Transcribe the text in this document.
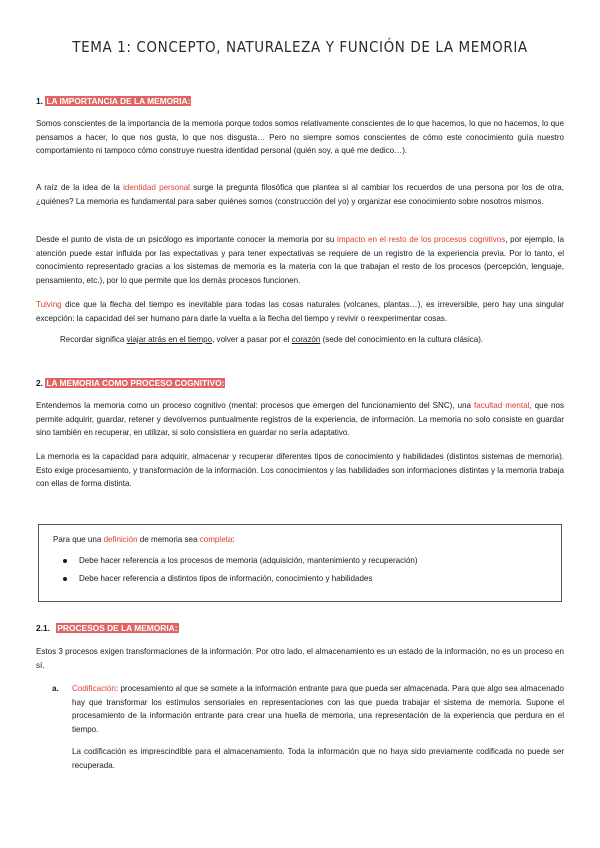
TEMA 1: CONCEPTO, NATURALEZA Y FUNCIÓN DE LA MEMORIA
1. LA IMPORTANCIA DE LA MEMORIA:
Somos conscientes de la importancia de la memoria porque todos somos relativamente conscientes de lo que hacemos, lo que no hacemos, lo que pensamos a hacer, lo que nos gusta, lo que nos disgusta… Pero no siempre somos conscientes de cómo este conocimiento guía nuestro comportamiento ni tampoco cómo construye nuestra identidad personal (quién soy, a qué me dedico…).
A raíz de la idea de la identidad personal surge la pregunta filosófica que plantea si al cambiar los recuerdos de una persona por los de otra, ¿quiénes? La memoria es fundamental para saber quiénes somos (construcción del yo) y organizar ese conocimiento sobre nosotros mismos.
Desde el punto de vista de un psicólogo es importante conocer la memoria por su impacto en el resto de los procesos cognitivos, por ejemplo, la atención puede estar influida por las expectativas y para tener expectativas se requiere de un registro de la experiencia previa. Por lo tanto, el conocimiento representado gracias a los sistemas de memoria es la materia con la que trabajan el resto de los procesos (percepción, lenguaje, pensamiento, etc.), por lo que permite que los demás procesos funcionen.
Tulving dice que la flecha del tiempo es inevitable para todas las cosas naturales (volcanes, plantas…), es irreversible, pero hay una singular excepción: la capacidad del ser humano para darle la vuelta a la flecha del tiempo y revivir o reexperimentar cosas.
Recordar significa viajar atrás en el tiempo, volver a pasar por el corazón (sede del conocimiento en la cultura clásica).
2. LA MEMORIA COMO PROCESO COGNITIVO:
Entendemos la memoria como un proceso cognitivo (mental: procesos que emergen del funcionamiento del SNC), una facultad mental, que nos permite adquirir, guardar, retener y devolvernos puntualmente registros de la experiencia, de información. La memoria no solo consiste en guardar sino también en recuperar, en utilizar, si solo consistiera en guardar no sería adaptativo.
La memoria es la capacidad para adquirir, almacenar y recuperar diferentes tipos de conocimiento y habilidades (distintos sistemas de memoria). Esto exige procesamiento, y transformación de la información. Los conocimientos y las habilidades son informaciones distintas y la memoria trabaja con ellas de forma distinta.
Para que una definición de memoria sea completa:
Debe hacer referencia a los procesos de memoria (adquisición, mantenimiento y recuperación)
Debe hacer referencia a distintos tipos de información, conocimiento y habilidades
2.1. PROCESOS DE LA MEMORIA:
Estos 3 procesos exigen transformaciones de la información. Por otro lado, el almacenamiento es un estado de la información, no es un proceso en sí.
a. Codificación: procesamiento al que se somete a la información entrante para que pueda ser almacenada. Para que algo sea almacenado hay que transformar los estímulos sensoriales en representaciones con las que pueda trabajar el sistema de memoria. Supone el procesamiento de la información entrante para crear una huella de memoria, una representación de la experiencia que perdura en el tiempo.
La codificación es imprescindible para el almacenamiento. Toda la información que no haya sido previamente codificada no puede ser recuperada.
